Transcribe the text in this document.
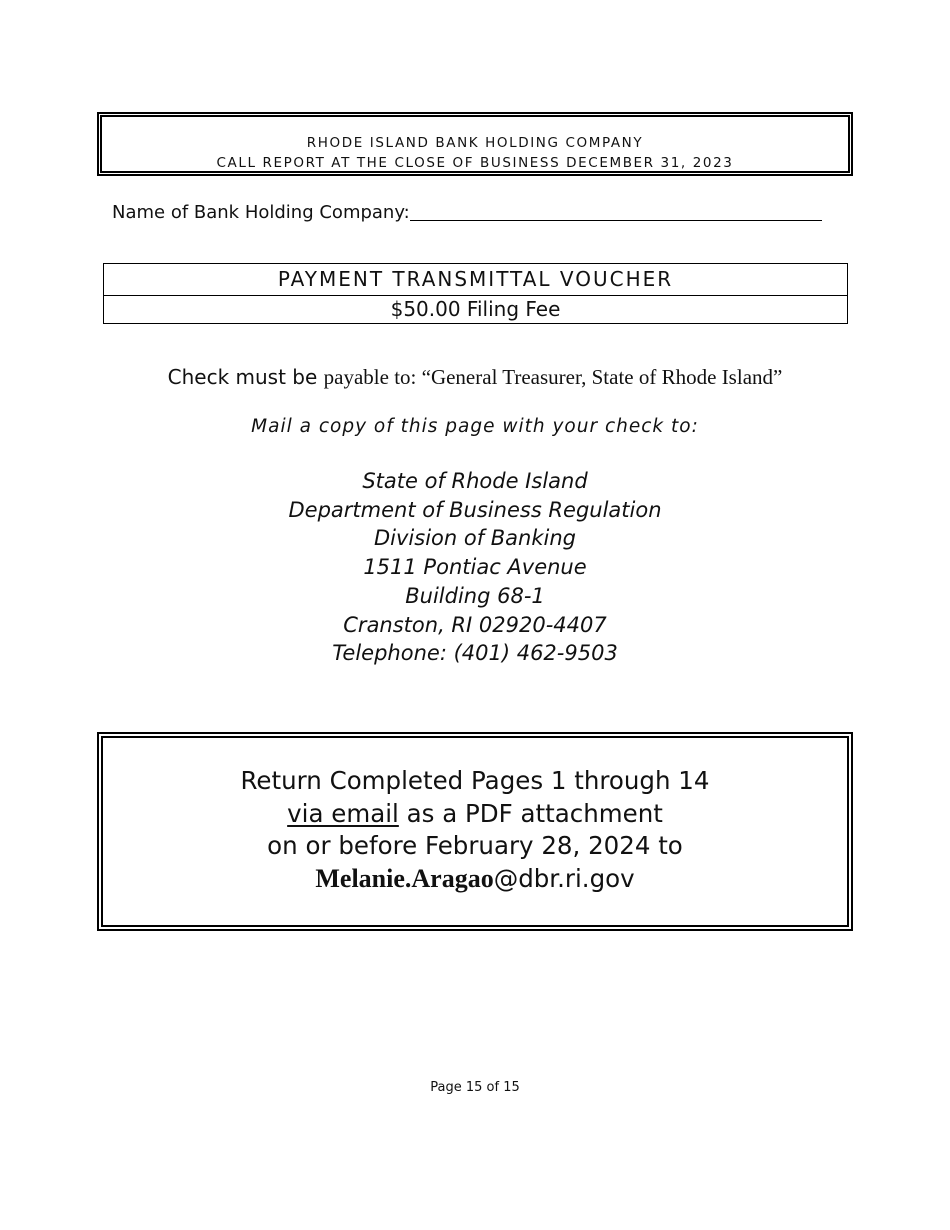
RHODE ISLAND BANK HOLDING COMPANY
CALL REPORT AT THE CLOSE OF BUSINESS DECEMBER 31, 2023
Name of Bank Holding Company:
PAYMENT TRANSMITTAL VOUCHER
$50.00 Filing Fee
Check must be payable to: “General Treasurer, State of Rhode Island”
Mail a copy of this page with your check to:
State of Rhode Island
Department of Business Regulation
Division of Banking
1511 Pontiac Avenue
Building 68-1
Cranston, RI 02920-4407
Telephone: (401) 462-9503
Return Completed Pages 1 through 14
via email as a PDF attachment
on or before February 28, 2024 to
Melanie.Aragao@dbr.ri.gov
Page 15 of 15
